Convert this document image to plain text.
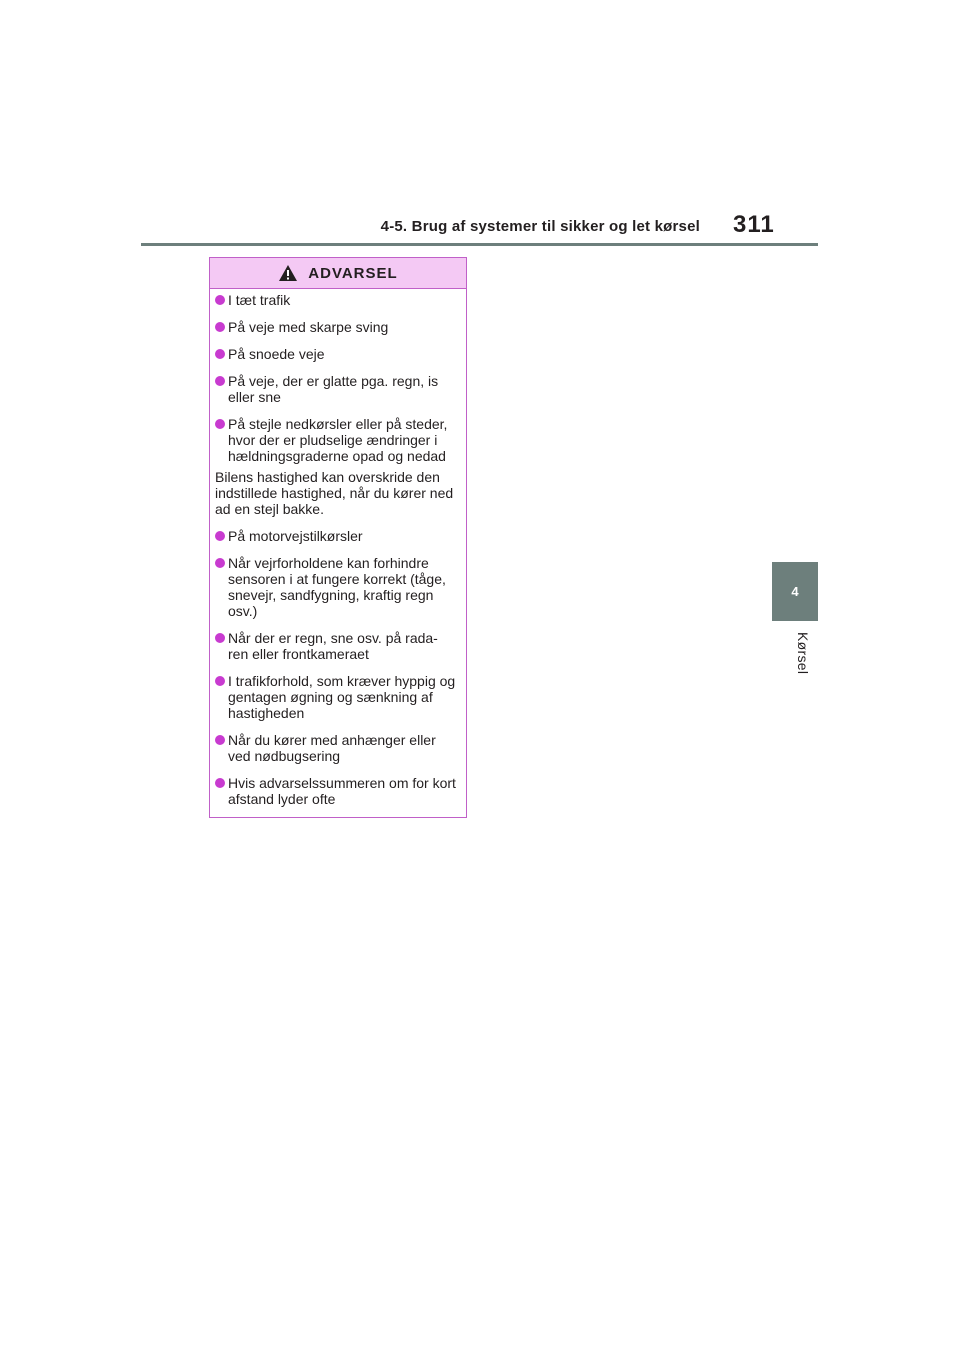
4-5. Brug af systemer til sikker og let kørsel 311
4
Kørsel
ADVARSEL
I tæt trafik
På veje med skarpe sving
På snoede veje
På veje, der er glatte pga. regn, is eller sne
På stejle nedkørsler eller på steder, hvor der er pludselige ændringer i hældningsgraderne opad og nedad
Bilens hastighed kan overskride den indstillede hastighed, når du kører ned ad en stejl bakke.
På motorvejstilkørsler
Når vejrforholdene kan forhindre sensoren i at fungere korrekt (tåge, snevejr, sandfygning, kraftig regn osv.)
Når der er regn, sne osv. på rada-ren eller frontkameraet
I trafikforhold, som kræver hyppig og gentagen øgning og sænkning af hastigheden
Når du kører med anhænger eller ved nødbugsering
Hvis advarselssummeren om for kort afstand lyder ofte
